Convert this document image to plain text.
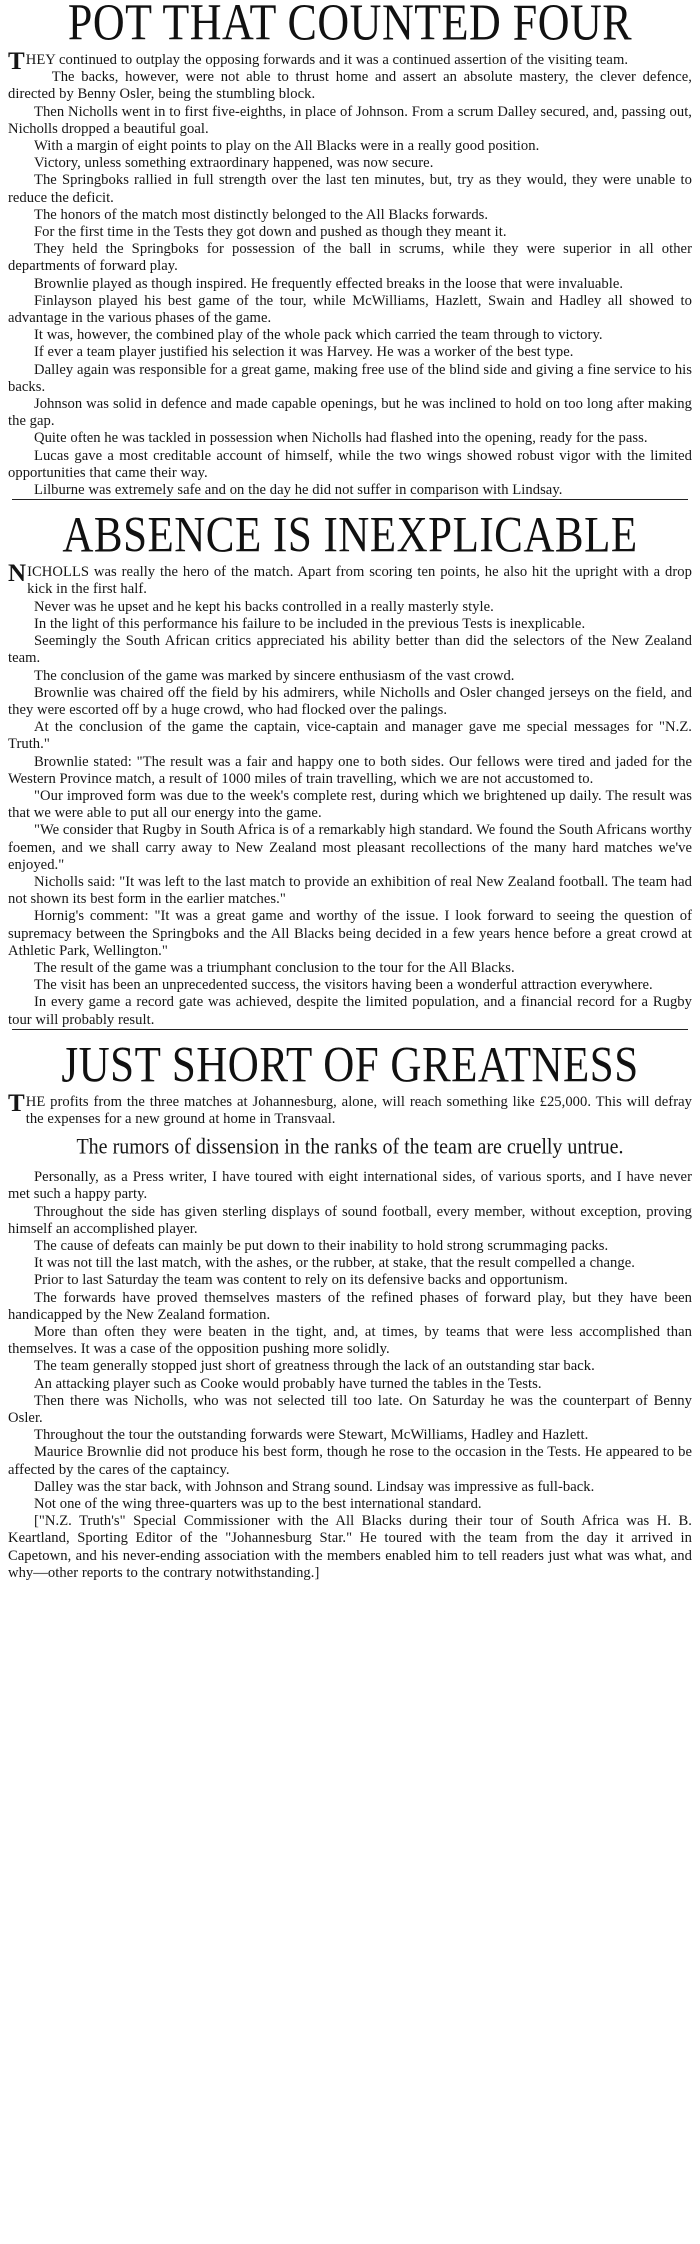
POT THAT COUNTED FOUR

THEY continued to outplay the opposing forwards and it was a continued assertion of the visiting team.

The backs, however, were not able to thrust home and assert an absolute mastery, the clever defence, directed by Benny Osler, being the stumbling block.

Then Nicholls went in to first five-eighths, in place of Johnson. From a scrum Dalley secured, and, passing out, Nicholls dropped a beautiful goal.

With a margin of eight points to play on the All Blacks were in a really good position.

Victory, unless something extraordinary happened, was now secure.

The Springboks rallied in full strength over the last ten minutes, but, try as they would, they were unable to reduce the deficit.

The honors of the match most distinctly belonged to the All Blacks forwards.

For the first time in the Tests they got down and pushed as though they meant it.

They held the Springboks for possession of the ball in scrums, while they were superior in all other departments of forward play.

Brownlie played as though inspired. He frequently effected breaks in the loose that were invaluable.

Finlayson played his best game of the tour, while McWilliams, Hazlett, Swain and Hadley all showed to advantage in the various phases of the game.

It was, however, the combined play of the whole pack which carried the team through to victory.

If ever a team player justified his selection it was Harvey. He was a worker of the best type.

Dalley again was responsible for a great game, making free use of the blind side and giving a fine service to his backs.

Johnson was solid in defence and made capable openings, but he was inclined to hold on too long after making the gap.

Quite often he was tackled in possession when Nicholls had flashed into the opening, ready for the pass.

Lucas gave a most creditable account of himself, while the two wings showed robust vigor with the limited opportunities that came their way.

Lilburne was extremely safe and on the day he did not suffer in comparison with Lindsay.

ABSENCE IS INEXPLICABLE

NICHOLLS was really the hero of the match. Apart from scoring ten points, he also hit the upright with a drop kick in the first half.

Never was he upset and he kept his backs controlled in a really masterly style.

In the light of this performance his failure to be included in the previous Tests is inexplicable.

Seemingly the South African critics appreciated his ability better than did the selectors of the New Zealand team.

The conclusion of the game was marked by sincere enthusiasm of the vast crowd.

Brownlie was chaired off the field by his admirers, while Nicholls and Osler changed jerseys on the field, and they were escorted off by a huge crowd, who had flocked over the palings.

At the conclusion of the game the captain, vice-captain and manager gave me special messages for "N.Z. Truth."

Brownlie stated: "The result was a fair and happy one to both sides. Our fellows were tired and jaded for the Western Province match, a result of 1000 miles of train travelling, which we are not accustomed to.

"Our improved form was due to the week's complete rest, during which we brightened up daily. The result was that we were able to put all our energy into the game.

"We consider that Rugby in South Africa is of a remarkably high standard. We found the South Africans worthy foemen, and we shall carry away to New Zealand most pleasant recollections of the many hard matches we've enjoyed."

Nicholls said: "It was left to the last match to provide an exhibition of real New Zealand football. The team had not shown its best form in the earlier matches."

Hornig's comment: "It was a great game and worthy of the issue. I look forward to seeing the question of supremacy between the Springboks and the All Blacks being decided in a few years hence before a great crowd at Athletic Park, Wellington."

The result of the game was a triumphant conclusion to the tour for the All Blacks.

The visit has been an unprecedented success, the visitors having been a wonderful attraction everywhere.

In every game a record gate was achieved, despite the limited population, and a financial record for a Rugby tour will probably result.

JUST SHORT OF GREATNESS

THE profits from the three matches at Johannesburg, alone, will reach something like £25,000. This will defray the expenses for a new ground at home in Transvaal.

The rumors of dissension in the ranks of the team are cruelly untrue.

Personally, as a Press writer, I have toured with eight international sides, of various sports, and I have never met such a happy party.

Throughout the side has given sterling displays of sound football, every member, without exception, proving himself an accomplished player.

The cause of defeats can mainly be put down to their inability to hold strong scrummaging packs.

It was not till the last match, with the ashes, or the rubber, at stake, that the result compelled a change.

Prior to last Saturday the team was content to rely on its defensive backs and opportunism.

The forwards have proved themselves masters of the refined phases of forward play, but they have been handicapped by the New Zealand formation.

More than often they were beaten in the tight, and, at times, by teams that were less accomplished than themselves. It was a case of the opposition pushing more solidly.

The team generally stopped just short of greatness through the lack of an outstanding star back.

An attacking player such as Cooke would probably have turned the tables in the Tests.

Then there was Nicholls, who was not selected till too late. On Saturday he was the counterpart of Benny Osler.

Throughout the tour the outstanding forwards were Stewart, McWilliams, Hadley and Hazlett.

Maurice Brownlie did not produce his best form, though he rose to the occasion in the Tests. He appeared to be affected by the cares of the captaincy.

Dalley was the star back, with Johnson and Strang sound. Lindsay was impressive as full-back.

Not one of the wing three-quarters was up to the best international standard.

["N.Z. Truth's" Special Commissioner with the All Blacks during their tour of South Africa was H. B. Keartland, Sporting Editor of the "Johannesburg Star." He toured with the team from the day it arrived in Capetown, and his never-ending association with the members enabled him to tell readers just what was what, and why—other reports to the contrary notwithstanding.]
